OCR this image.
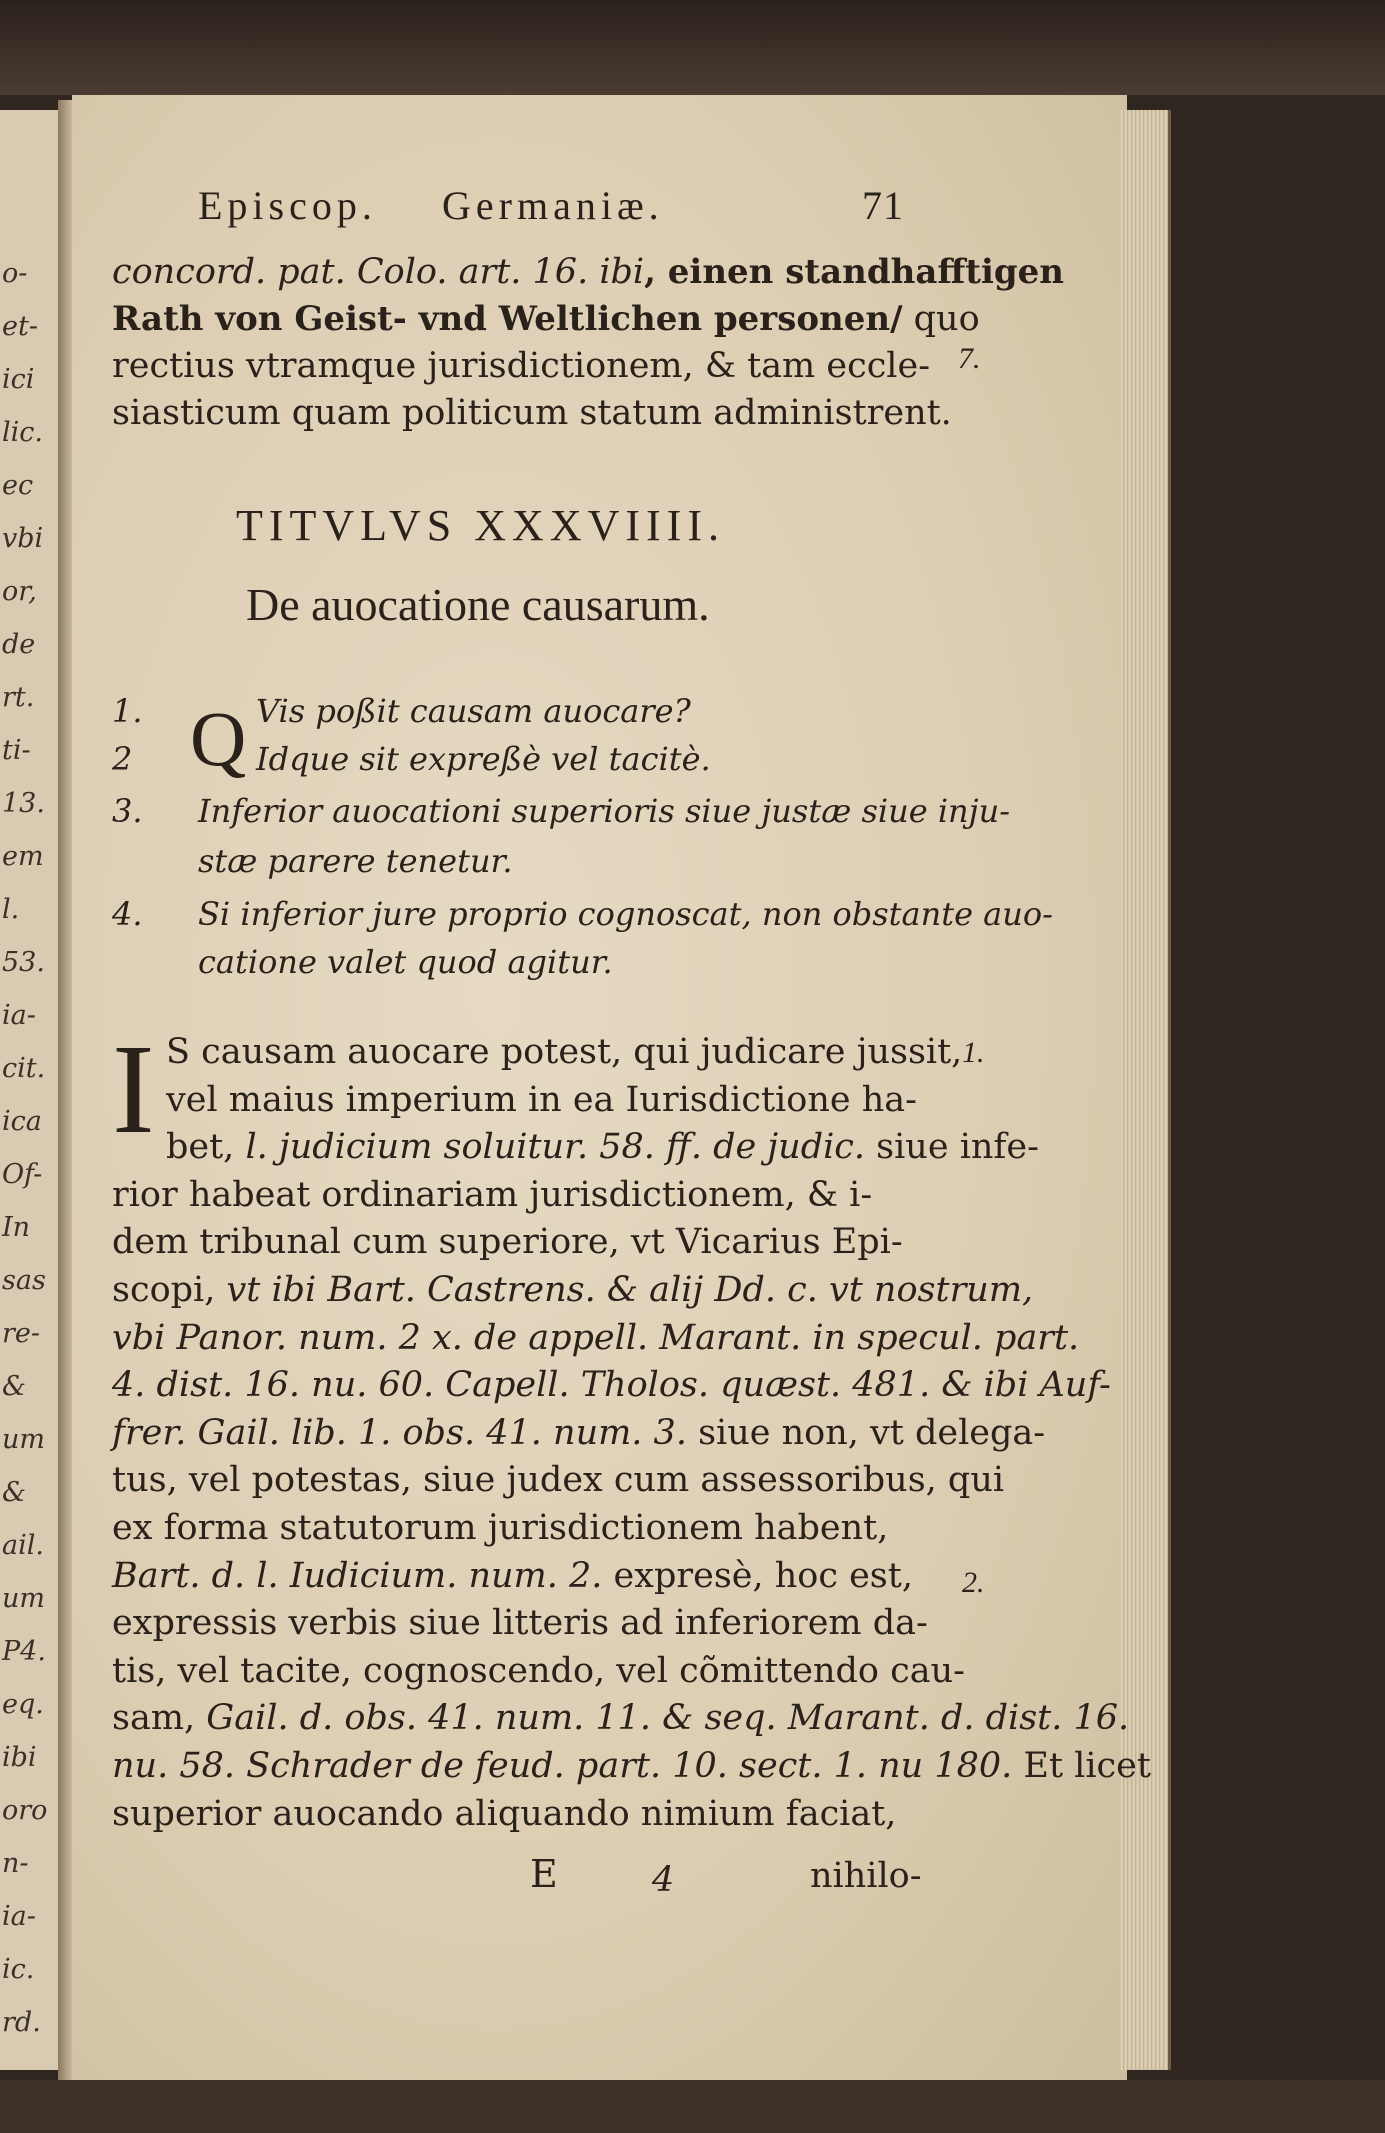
o-
et-
ici
lic.
ec
vbi
or,
de
rt.
ti-
13.
em
l.
53.
ia-
cit.
ica
Of-
In
sas
re-
&
um
&
ail.
um
P4.
eq.
ibi
oro
n-
ia-
ic.
rd.
Episcop. Germaniæ.	71
concord. pat. Colo. art. 16. ibi, einen standhafftigen
Rath von Geist- vnd Weltlichen personen/ quo
rectius vtramque jurisdictionem, & tam eccle-
siasticum quam politicum statum administrent.
TITVLVS XXXVIIII.
De auocatione causarum.
Q
1.	Vis poßit causam auocare?
2	Idque sit expreßè vel tacitè.
3. Inferior auocationi superioris siue justæ siue inju-
stæ parere tenetur.
4. Si inferior jure proprio cognoscat, non obstante auo-
catione valet quod agitur.
I S causam auocare potest, qui judicare jussit,
vel maius imperium in ea Iurisdictione ha-
bet, l. judicium soluitur. 58. ff. de judic. siue infe-
rior habeat ordinariam jurisdictionem, & i-
dem tribunal cum superiore, vt Vicarius Epi-
scopi, vt ibi Bart. Castrens. & alij Dd. c. vt nostrum,
vbi Panor. num. 2 x. de appell. Marant. in specul. part.
4. dist. 16. nu. 60. Capell. Tholos. quæst. 481. & ibi Auf-
frer. Gail. lib. 1. obs. 41. num. 3. siue non, vt delega-
tus, vel potestas, siue judex cum assessoribus, qui
ex forma statutorum jurisdictionem habent,
Bart. d. l. Iudicium. num. 2. expresè, hoc est,
expressis verbis siue litteris ad inferiorem da-
tis, vel tacite, cognoscendo, vel cõmittendo cau-
sam, Gail. d. obs. 41. num. 11. & seq. Marant. d. dist. 16.
nu. 58. Schrader de feud. part. 10. sect. 1. nu 180. Et licet
superior auocando aliquando nimium faciat,
7.
1.
2.
E	4	nihilo-
